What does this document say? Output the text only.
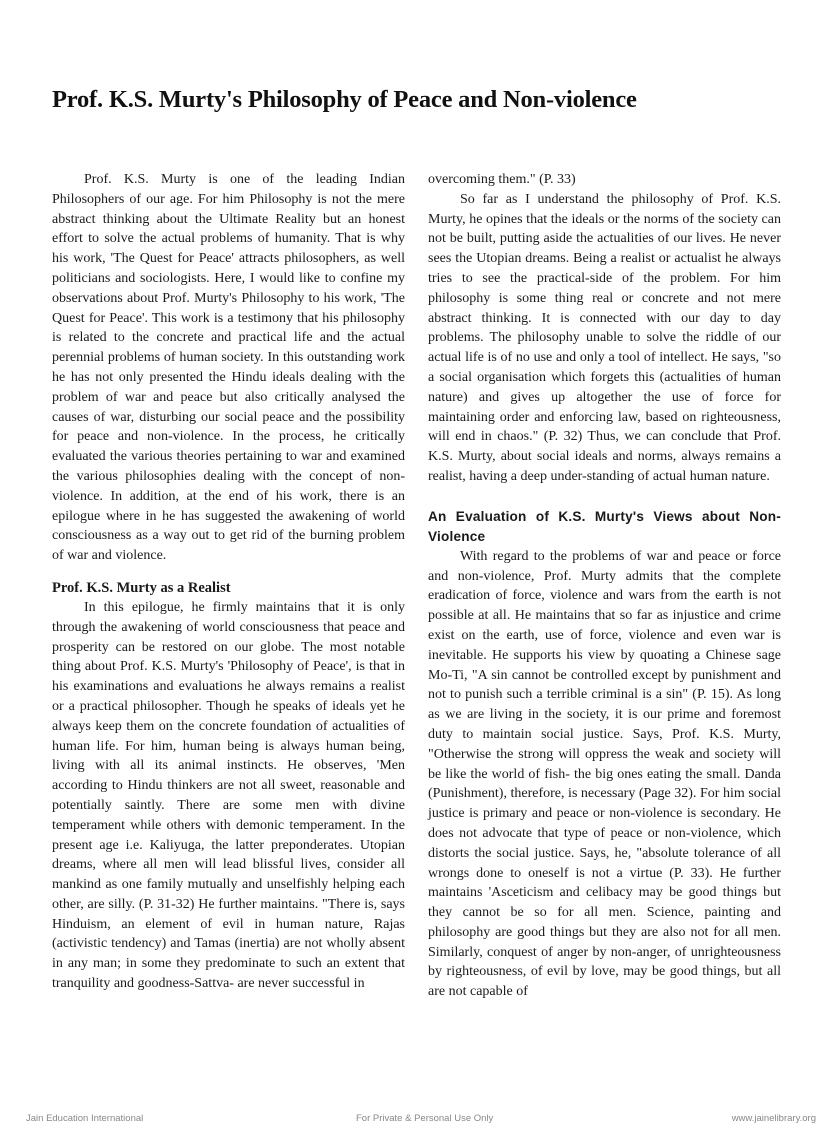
Prof. K.S. Murty's Philosophy of Peace and Non-violence

Prof. K.S. Murty is one of the leading Indian Philosophers of our age. For him Philosophy is not the mere abstract thinking about the Ultimate Reality but an honest effort to solve the actual problems of humanity. That is why his work, 'The Quest for Peace' attracts philosophers, as well politicians and sociologists. Here, I would like to confine my observations about Prof. Murty's Philosophy to his work, 'The Quest for Peace'. This work is a testimony that his philosophy is related to the concrete and practical life and the actual perennial problems of human society. In this outstanding work he has not only presented the Hindu ideals dealing with the problem of war and peace but also critically analysed the causes of war, disturbing our social peace and the possibility for peace and non-violence. In the process, he critically evaluated the various theories pertaining to war and examined the various philosophies dealing with the concept of non-violence. In addition, at the end of his work, there is an epilogue where in he has suggested the awakening of world consciousness as a way out to get rid of the burning problem of war and violence.

Prof. K.S. Murty as a Realist

In this epilogue, he firmly maintains that it is only through the awakening of world consciousness that peace and prosperity can be restored on our globe. The most notable thing about Prof. K.S. Murty's 'Philosophy of Peace', is that in his examinations and evaluations he always remains a realist or a practical philosopher. Though he speaks of ideals yet he always keep them on the concrete foundation of actualities of human life. For him, human being is always human being, living with all its animal instincts. He observes, 'Men according to Hindu thinkers are not all sweet, reasonable and potentially saintly. There are some men with divine temperament while others with demonic temperament. In the present age i.e. Kaliyuga, the latter preponderates. Utopian dreams, where all men will lead blissful lives, consider all mankind as one family mutually and unselfishly helping each other, are silly. (P. 31-32) He further maintains. "There is, says Hinduism, an element of evil in human nature, Rajas (activistic tendency) and Tamas (inertia) are not wholly absent in any man; in some they predominate to such an extent that tranquility and goodness-Sattva- are never successful in

overcoming them." (P. 33)

So far as I understand the philosophy of Prof. K.S. Murty, he opines that the ideals or the norms of the society can not be built, putting aside the actualities of our lives. He never sees the Utopian dreams. Being a realist or actualist he always tries to see the practical-side of the problem. For him philosophy is some thing real or concrete and not mere abstract thinking. It is connected with our day to day problems. The philosophy unable to solve the riddle of our actual life is of no use and only a tool of intellect. He says, "so a social organisation which forgets this (actualities of human nature) and gives up altogether the use of force for maintaining order and enforcing law, based on righteousness, will end in chaos." (P. 32) Thus, we can conclude that Prof. K.S. Murty, about social ideals and norms, always remains a realist, having a deep under-standing of actual human nature.

An Evaluation of K.S. Murty's Views about Non-Violence

With regard to the problems of war and peace or force and non-violence, Prof. Murty admits that the complete eradication of force, violence and wars from the earth is not possible at all. He maintains that so far as injustice and crime exist on the earth, use of force, violence and even war is inevitable. He supports his view by quoating a Chinese sage Mo-Ti, "A sin cannot be controlled except by punishment and not to punish such a terrible criminal is a sin" (P. 15). As long as we are living in the society, it is our prime and foremost duty to maintain social justice. Says, Prof. K.S. Murty, "Otherwise the strong will oppress the weak and society will be like the world of fish- the big ones eating the small. Danda (Punishment), therefore, is necessary (Page 32). For him social justice is primary and peace or non-violence is secondary. He does not advocate that type of peace or non-violence, which distorts the social justice. Says, he, "absolute tolerance of all wrongs done to oneself is not a virtue (P. 33). He further maintains 'Asceticism and celibacy may be good things but they cannot be so for all men. Science, painting and philosophy are good things but they are also not for all men. Similarly, conquest of anger by non-anger, of unrighteousness by righteousness, of evil by love, may be good things, but all are not capable of

Jain Education International	For Private & Personal Use Only	www.jainelibrary.org
